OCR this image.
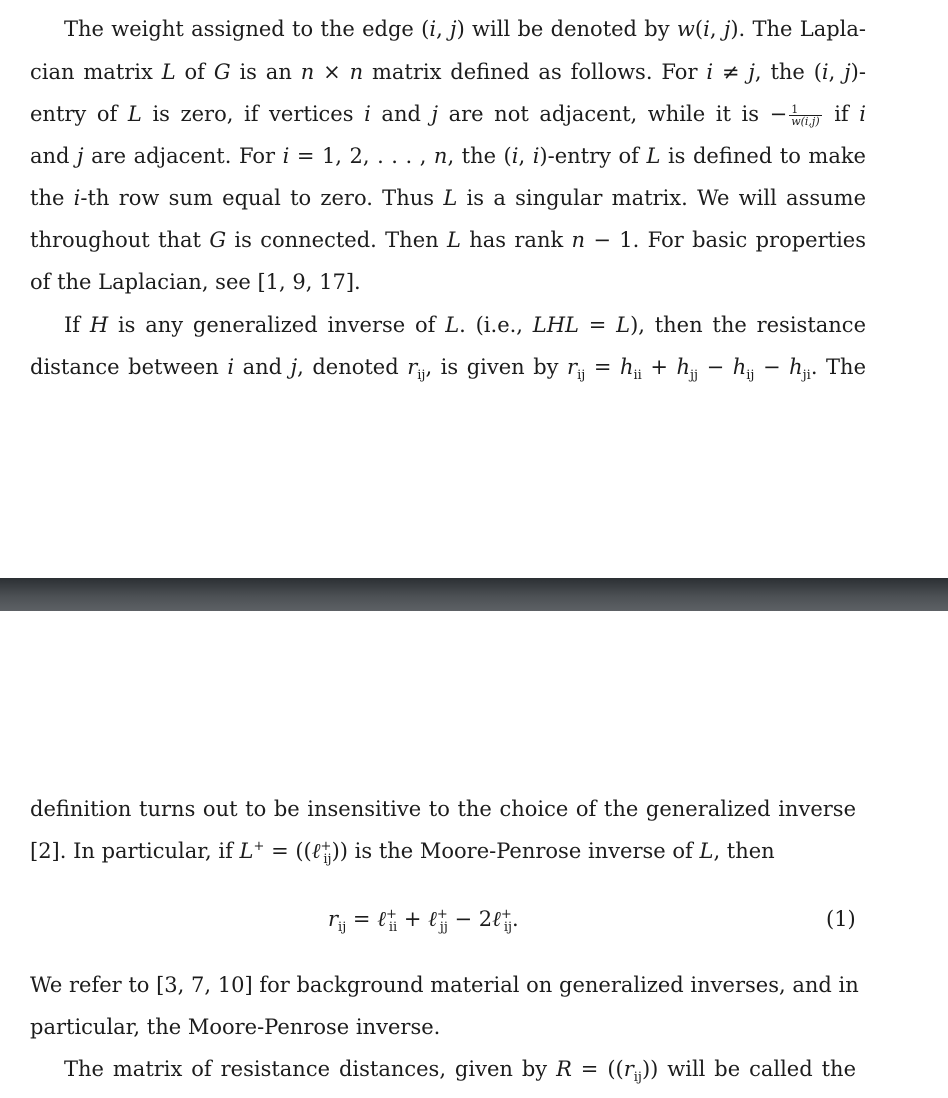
The weight assigned to the edge (i, j) will be denoted by w(i, j). The Lapla-
cian matrix L of G is an n × n matrix defined as follows. For i ≠ j, the (i, j)-
entry of L is zero, if vertices i and j are not adjacent, while it is − $\frac{1}{w(i,j)}$ if i
and j are adjacent. For i = 1, 2, . . . , n, the (i, i)-entry of L is defined to make
the i-th row sum equal to zero. Thus L is a singular matrix. We will assume
throughout that G is connected. Then L has rank n − 1. For basic properties
of the Laplacian, see [1, 9, 17].
If H is any generalized inverse of L. (i.e., LHL = L), then the resistance
distance between i and j, denoted $r_{ij}$, is given by $r_{ij} = h_{ii} + h_{jj} - h_{ij} - h_{ji}$. The
definition turns out to be insensitive to the choice of the generalized inverse
[2]. In particular, if L+ = ((ℓ+$_{ij}$)) is the Moore-Penrose inverse of L, then
$r_{ij}$ = ℓ+$_{ii}$ + ℓ+$_{jj}$ − 2ℓ+$_{ij}$.	(1)
We refer to [3, 7, 10] for background material on generalized inverses, and in
particular, the Moore-Penrose inverse.
The matrix of resistance distances, given by $R = ((r_{ij}))$ will be called the
